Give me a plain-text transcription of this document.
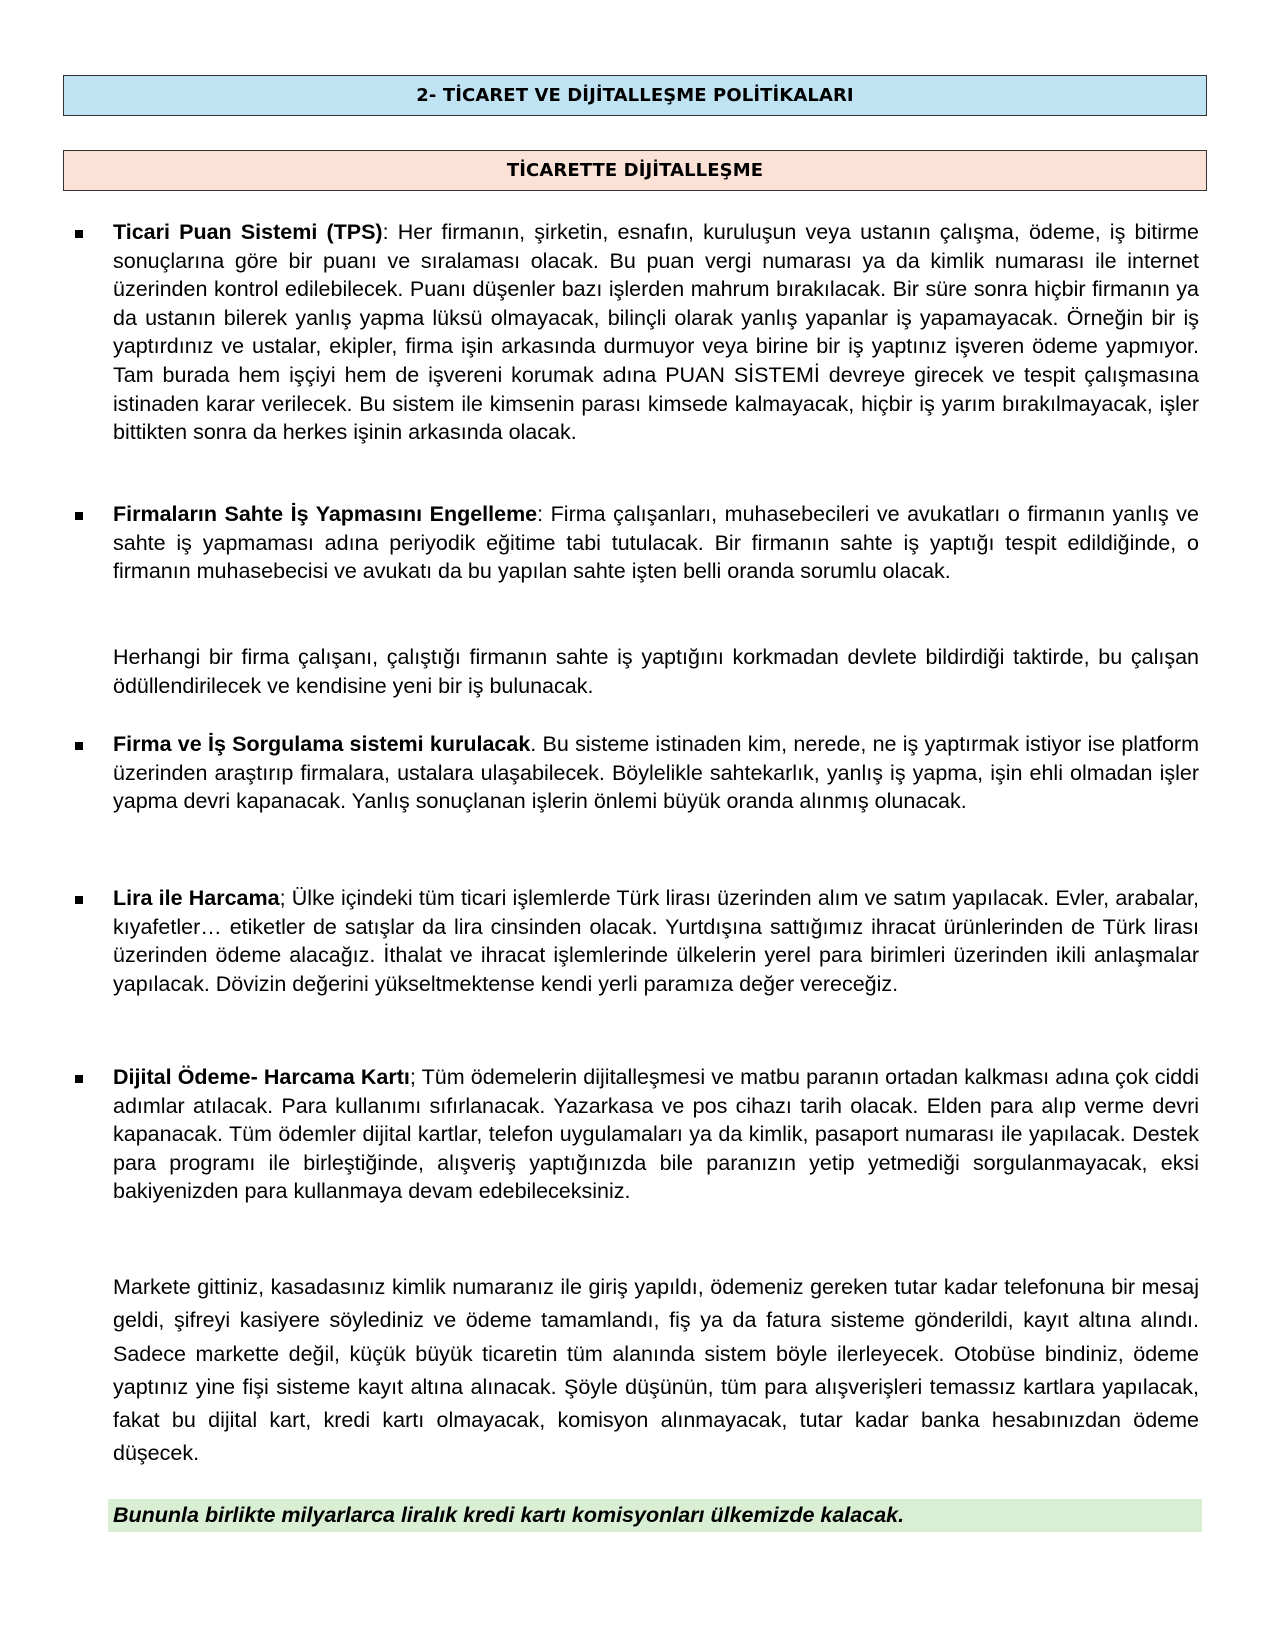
2- TİCARET VE DİJİTALLEŞME POLİTİKALARI
TİCARETTE DİJİTALLEŞME
Ticari Puan Sistemi (TPS): Her firmanın, şirketin, esnafın, kuruluşun veya ustanın çalışma, ödeme, iş bitirme sonuçlarına göre bir puanı ve sıralaması olacak. Bu puan vergi numarası ya da kimlik numarası ile internet üzerinden kontrol edilebilecek. Puanı düşenler bazı işlerden mahrum bırakılacak. Bir süre sonra hiçbir firmanın ya da ustanın bilerek yanlış yapma lüksü olmayacak, bilinçli olarak yanlış yapanlar iş yapamayacak. Örneğin bir iş yaptırdınız ve ustalar, ekipler, firma işin arkasında durmuyor veya birine bir iş yaptınız işveren ödeme yapmıyor. Tam burada hem işçiyi hem de işvereni korumak adına PUAN SİSTEMİ devreye girecek ve tespit çalışmasına istinaden karar verilecek. Bu sistem ile kimsenin parası kimsede kalmayacak, hiçbir iş yarım bırakılmayacak, işler bittikten sonra da herkes işinin arkasında olacak.
Firmaların Sahte İş Yapmasını Engelleme: Firma çalışanları, muhasebecileri ve avukatları o firmanın yanlış ve sahte iş yapmaması adına periyodik eğitime tabi tutulacak. Bir firmanın sahte iş yaptığı tespit edildiğinde, o firmanın muhasebecisi ve avukatı da bu yapılan sahte işten belli oranda sorumlu olacak.
Herhangi bir firma çalışanı, çalıştığı firmanın sahte iş yaptığını korkmadan devlete bildirdiği taktirde, bu çalışan ödüllendirilecek ve kendisine yeni bir iş bulunacak.
Firma ve İş Sorgulama sistemi kurulacak. Bu sisteme istinaden kim, nerede, ne iş yaptırmak istiyor ise platform üzerinden araştırıp firmalara, ustalara ulaşabilecek. Böylelikle sahtekarlık, yanlış iş yapma, işin ehli olmadan işler yapma devri kapanacak. Yanlış sonuçlanan işlerin önlemi büyük oranda alınmış olunacak.
Lira ile Harcama; Ülke içindeki tüm ticari işlemlerde Türk lirası üzerinden alım ve satım yapılacak. Evler, arabalar, kıyafetler… etiketler de satışlar da lira cinsinden olacak. Yurtdışına sattığımız ihracat ürünlerinden de Türk lirası üzerinden ödeme alacağız. İthalat ve ihracat işlemlerinde ülkelerin yerel para birimleri üzerinden ikili anlaşmalar yapılacak. Dövizin değerini yükseltmektense kendi yerli paramıza değer vereceğiz.
Dijital Ödeme- Harcama Kartı; Tüm ödemelerin dijitalleşmesi ve matbu paranın ortadan kalkması adına çok ciddi adımlar atılacak. Para kullanımı sıfırlanacak. Yazarkasa ve pos cihazı tarih olacak. Elden para alıp verme devri kapanacak. Tüm ödemler dijital kartlar, telefon uygulamaları ya da kimlik, pasaport numarası ile yapılacak. Destek para programı ile birleştiğinde, alışveriş yaptığınızda bile paranızın yetip yetmediği sorgulanmayacak, eksi bakiyenizden para kullanmaya devam edebileceksiniz.
Markete gittiniz, kasadasınız kimlik numaranız ile giriş yapıldı, ödemeniz gereken tutar kadar telefonuna bir mesaj geldi, şifreyi kasiyere söylediniz ve ödeme tamamlandı, fiş ya da fatura sisteme gönderildi, kayıt altına alındı. Sadece markette değil, küçük büyük ticaretin tüm alanında sistem böyle ilerleyecek. Otobüse bindiniz, ödeme yaptınız yine fişi sisteme kayıt altına alınacak. Şöyle düşünün, tüm para alışverişleri temassız kartlara yapılacak, fakat bu dijital kart, kredi kartı olmayacak, komisyon alınmayacak, tutar kadar banka hesabınızdan ödeme düşecek.
Bununla birlikte milyarlarca liralık kredi kartı komisyonları ülkemizde kalacak.
